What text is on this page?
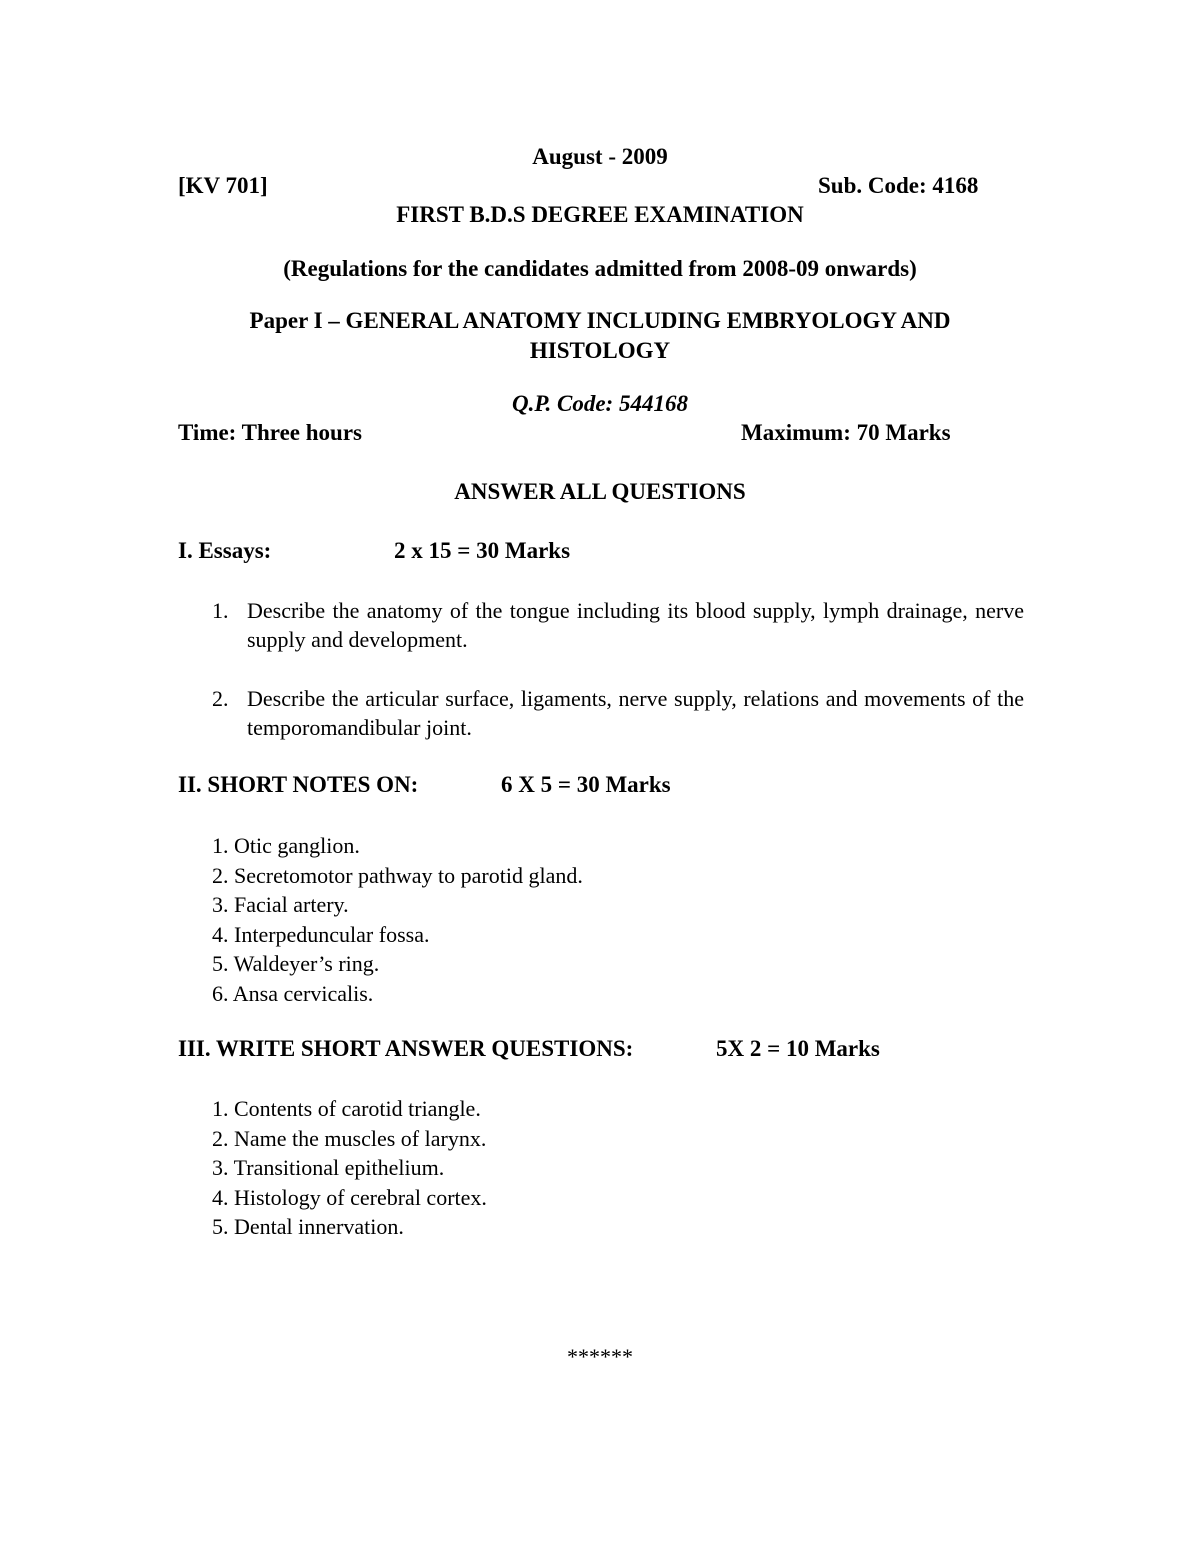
August - 2009
[KV 701]	Sub. Code: 4168
FIRST B.D.S DEGREE EXAMINATION
(Regulations for the candidates admitted from 2008-09 onwards)
Paper I – GENERAL ANATOMY INCLUDING EMBRYOLOGY AND
HISTOLOGY
Q.P. Code: 544168
Time: Three hours	Maximum: 70 Marks
ANSWER ALL QUESTIONS
I. Essays:	2 x 15 = 30 Marks
1. Describe the anatomy of the tongue including its blood supply, lymph drainage, nerve supply and development.
2. Describe the articular surface, ligaments, nerve supply, relations and movements of the temporomandibular joint.
II. SHORT NOTES ON:	6 X 5 = 30 Marks
1. Otic ganglion.
2. Secretomotor pathway to parotid gland.
3. Facial artery.
4. Interpeduncular fossa.
5. Waldeyer’s ring.
6. Ansa cervicalis.
III. WRITE SHORT ANSWER QUESTIONS:	5X 2 = 10 Marks
1. Contents of carotid triangle.
2. Name the muscles of larynx.
3. Transitional epithelium.
4. Histology of cerebral cortex.
5. Dental innervation.
******
